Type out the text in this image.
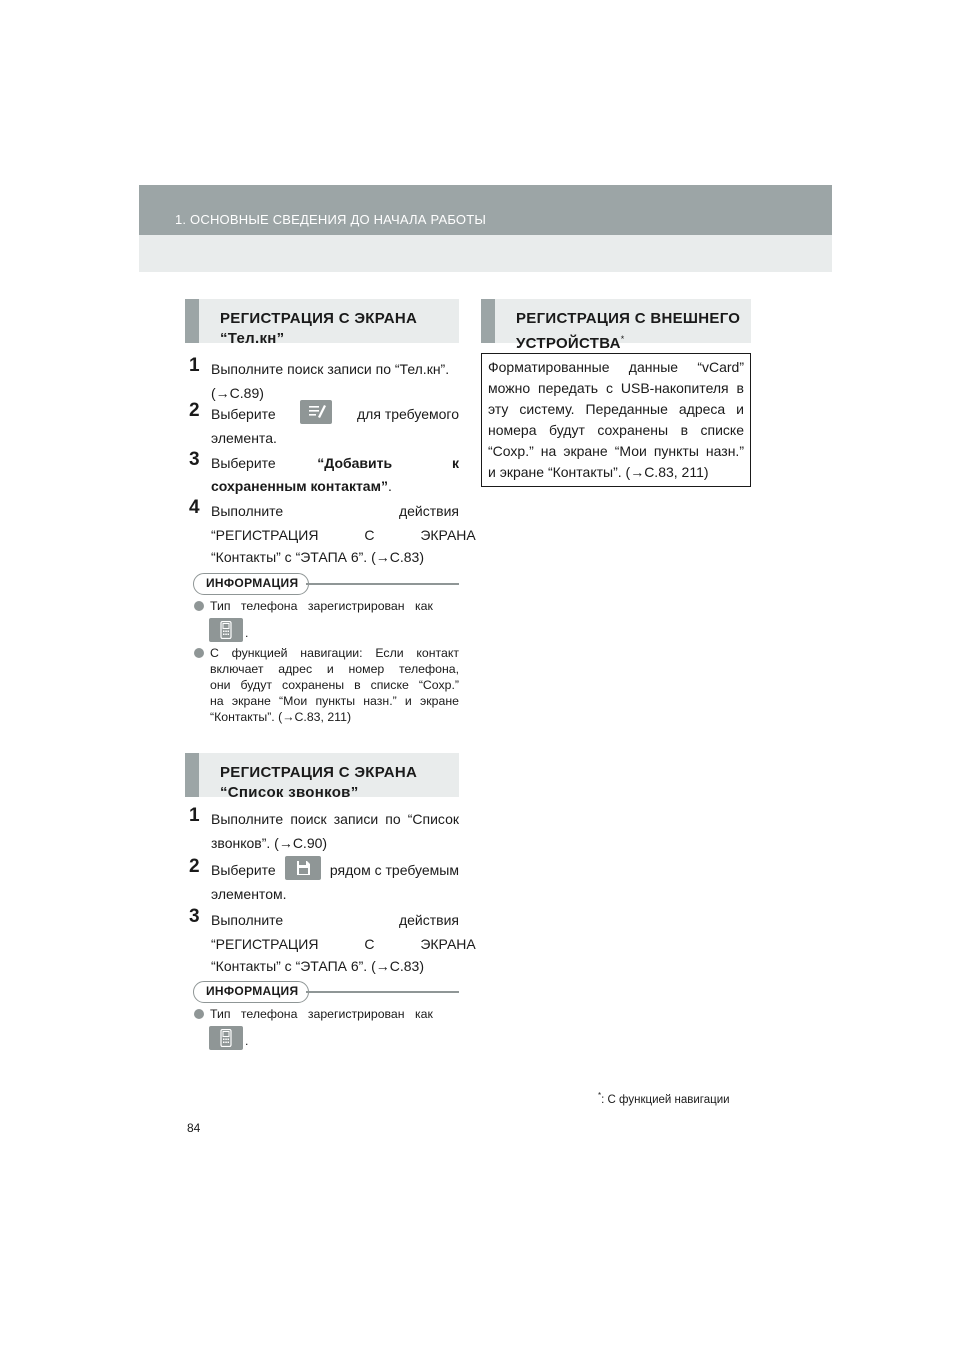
1. ОСНОВНЫЕ СВЕДЕНИЯ ДО НАЧАЛА РАБОТЫ
РЕГИСТРАЦИЯ С ЭКРАНА
“Тел.кн”
1 Выполните поиск записи по “Тел.кн”.
(→С.89)
2 Выберите	для требуемого
элемента.
3 Выберите	“Добавить к
сохраненным контактам”.
4 Выполните	действия
“РЕГИСТРАЦИЯ С ЭКРАНА
“Контакты” с “ЭТАПА 6”. (→С.83)
ИНФОРМАЦИЯ
Тип телефона зарегистрирован как
.
С функцией навигации: Если контакт
включает адрес и номер телефона,
они будут сохранены в списке “Сохр.”
на экране “Мои пункты назн.” и экране
“Контакты”. (→С.83, 211)
РЕГИСТРАЦИЯ С ЭКРАНА
“Список звонков”
1 Выполните поиск записи по “Список
звонков”. (→С.90)
2 Выберите	рядом с требуемым
элементом.
3 Выполните	действия
“РЕГИСТРАЦИЯ С ЭКРАНА
“Контакты” с “ЭТАПА 6”. (→С.83)
ИНФОРМАЦИЯ
Тип телефона зарегистрирован как
.
РЕГИСТРАЦИЯ С ВНЕШНЕГО
УСТРОЙСТВА*
Форматированные данные “vCard”
можно передать с USB-накопителя в
эту систему. Переданные адреса и
номера будут сохранены в списке
“Сохр.” на экране “Мои пункты назн.”
и экране “Контакты”. (→С.83, 211)
*: С функцией навигации
84
